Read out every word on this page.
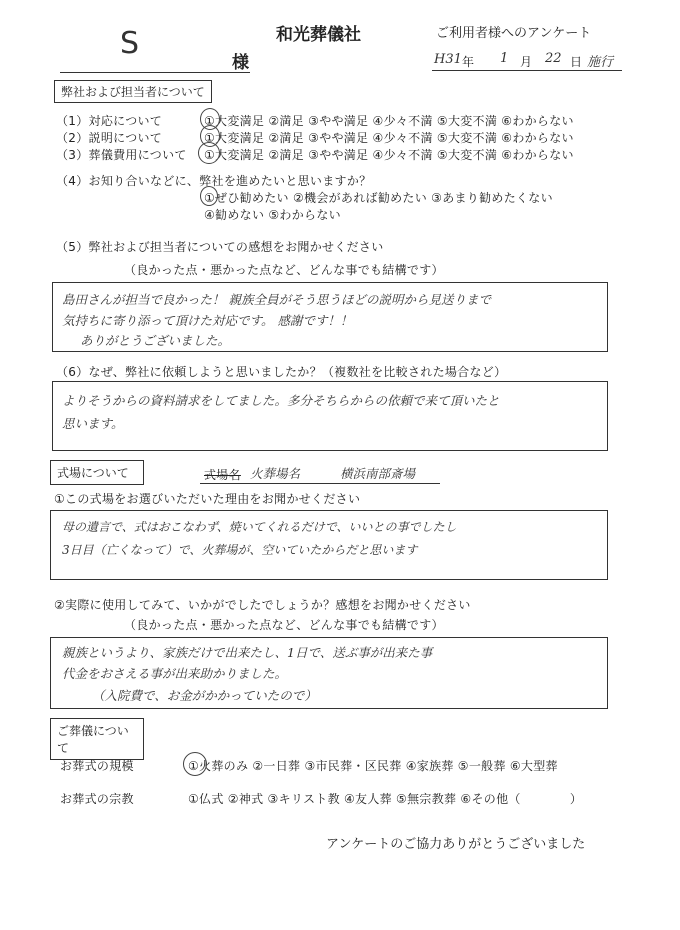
和光葬儀社	ご利用者様へのアンケート
S
様	H31 年 1 月 22 日 施行
弊社および担当者について
（1）対応について	①大変満足 ②満足 ③やや満足 ④少々不満 ⑤大変不満 ⑥わからない
（2）説明について	①大変満足 ②満足 ③やや満足 ④少々不満 ⑤大変不満 ⑥わからない
（3）葬儀費用について ①大変満足 ②満足 ③やや満足 ④少々不満 ⑤大変不満 ⑥わからない
（4）お知り合いなどに、弊社を進めたいと思いますか？
①ぜひ勧めたい ②機会があれば勧めたい ③あまり勧めたくない
④勧めない ⑤わからない
（5）弊社および担当者についての感想をお聞かせください
（良かった点・悪かった点など、どんな事でも結構です）
島田さんが担当で良かった！ 親族全員がそう思うほどの説明から見送りまで
気持ちに寄り添って頂けた対応です。 感謝です！！
ありがとうございました。
（6）なぜ、弊社に依頼しようと思いましたか？（複数社を比較された場合など）
よりそうからの資料請求をしてました。多分そちらからの依頼で来て頂いたと
思います。
式場について	式場名 火葬場名	横浜南部斎場
①この式場をお選びいただいた理由をお聞かせください
母の遺言で、式はおこなわず、焼いてくれるだけで、いいとの事でしたし
3日目（亡くなって）で、火葬場が、空いていたからだと思います
②実際に使用してみて、いかがでしたでしょうか？感想をお聞かせください
（良かった点・悪かった点など、どんな事でも結構です）
親族というより、家族だけで出来たし、1日で、送ぶ事が出来た事
代金をおさえる事が出来助かりました。
（入院費で、お金がかかっていたので）
ご葬儀について
お葬式の規模	①火葬のみ ②一日葬 ③市民葬・区民葬 ④家族葬 ⑤一般葬 ⑥大型葬
お葬式の宗教	①仏式 ②神式 ③キリスト教 ④友人葬 ⑤無宗教葬 ⑥その他（　　　　）
アンケートのご協力ありがとうございました
